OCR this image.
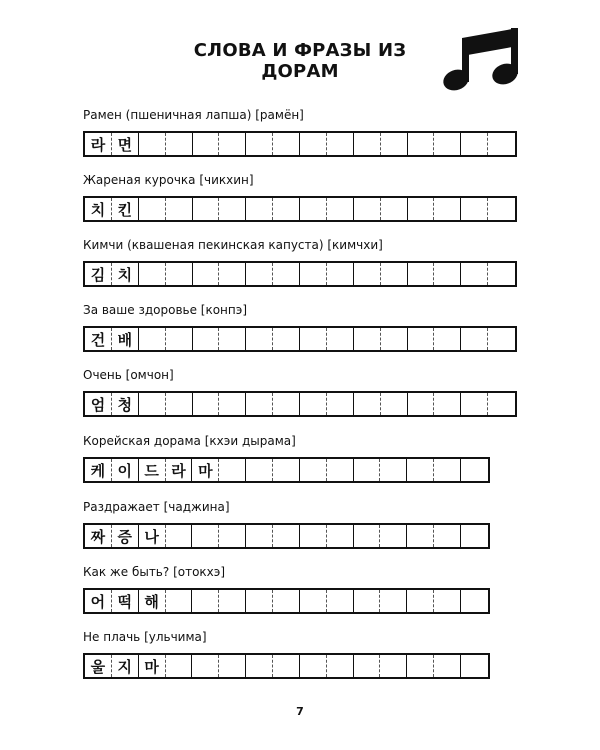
СЛОВА И ФРАЗЫ ИЗ ДОРАМ
Рамен (пшеничная лапша) [рамён]
라 면
Жареная курочка [чикхин]
치 킨
Кимчи (квашеная пекинская капуста) [кимчхи]
김 치
За ваше здоровье [конпэ]
건 배
Очень [омчон]
엄 청
Корейская дорама [кхэи дырама]
케 이 드 라 마
Раздражает [чаджина]
짜 증 나
Как же быть? [отокхэ]
어 떡 해
Не плачь [ульчима]
울 지 마
7
